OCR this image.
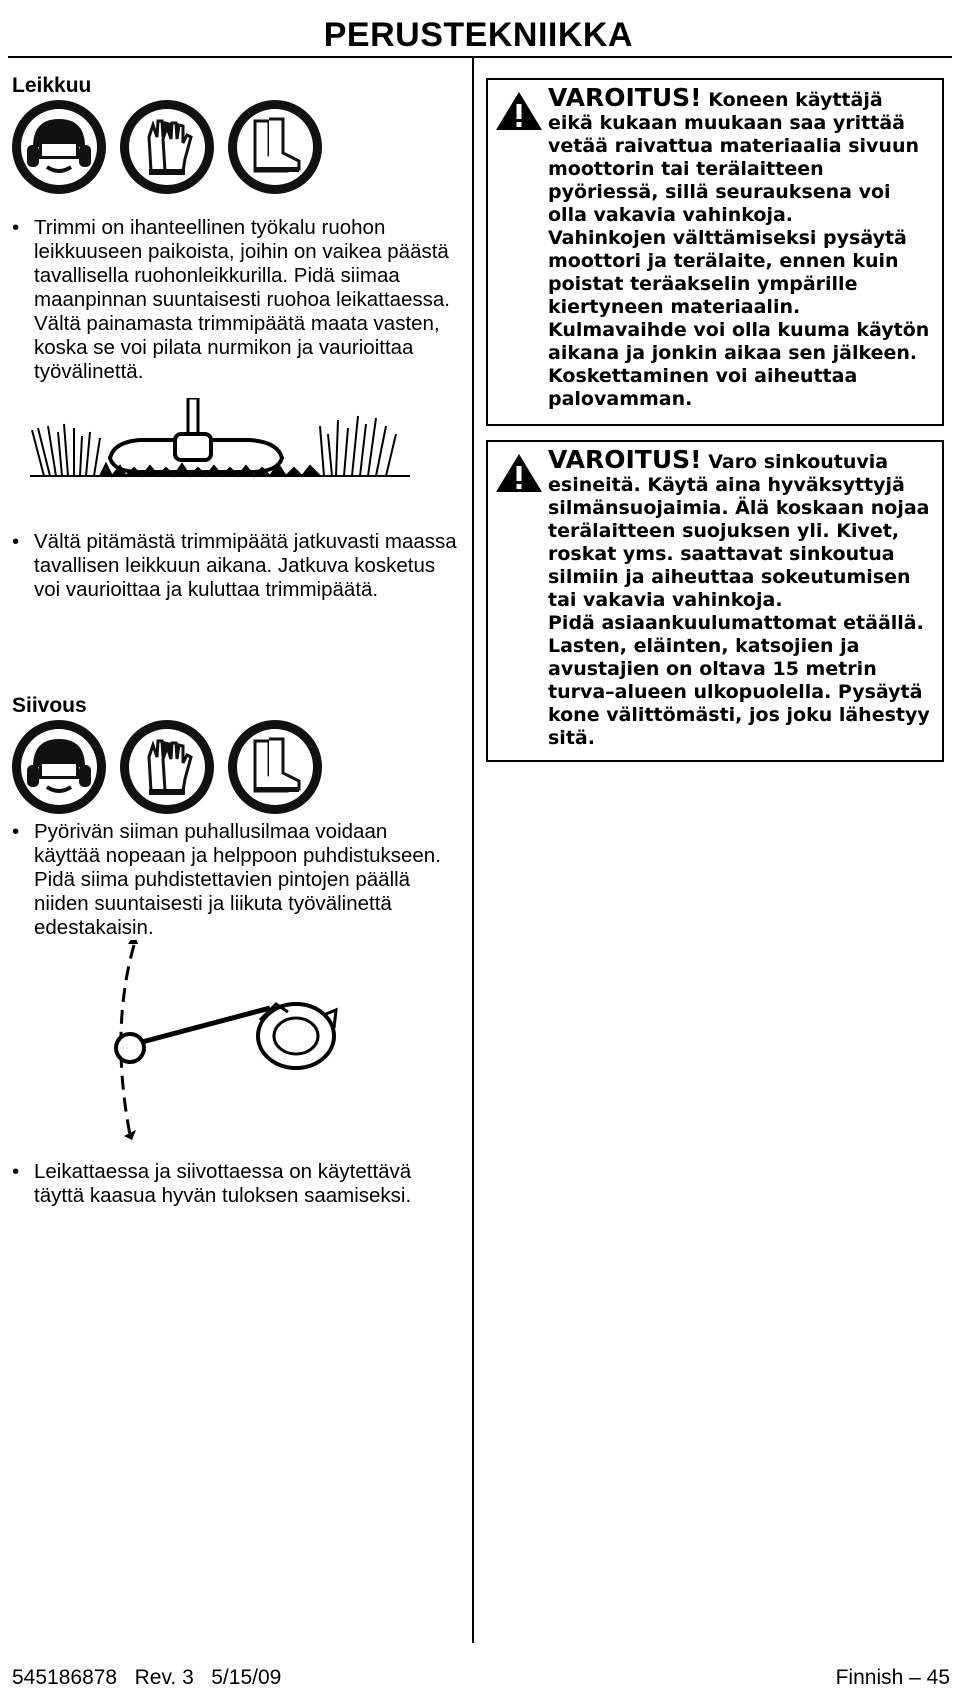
PERUSTEKNIIKKA
Leikkuu
• Trimmi on ihanteellinen työkalu ruohon leikkuuseen paikoista, joihin on vaikea päästä tavallisella ruohonleikkurilla. Pidä siimaa maanpinnan suuntaisesti ruohoa leikattaessa. Vältä painamasta trimmipäätä maata vasten, koska se voi pilata nurmikon ja vaurioittaa työvälinettä.
• Vältä pitämästä trimmipäätä jatkuvasti maassa tavallisen leikkuun aikana. Jatkuva kosketus voi vaurioittaa ja kuluttaa trimmipäätä.
Siivous
• Pyörivän siiman puhallusilmaa voidaan käyttää nopeaan ja helppoon puhdistukseen. Pidä siima puhdistettavien pintojen päällä niiden suuntaisesti ja liikuta työvälinettä edestakaisin.
• Leikattaessa ja siivottaessa on käytettävä täyttä kaasua hyvän tuloksen saamiseksi.

VAROITUS! Koneen käyttäjä eikä kukaan muukaan saa yrittää vetää raivattua materiaalia sivuun moottorin tai terälaitteen pyöriessä, sillä seurauksena voi olla vakavia vahinkoja.

Vahinkojen välttämiseksi pysäytä moottori ja terälaite, ennen kuin poistat teräakselin ympärille kiertyneen materiaalin. Kulmavaihde voi olla kuuma käytön aikana ja jonkin aikaa sen jälkeen. Koskettaminen voi aiheuttaa palovamman.

VAROITUS! Varo sinkoutuvia esineitä. Käytä aina hyväksyttyjä silmänsuojaimia. Älä koskaan nojaa terälaitteen suojuksen yli. Kivet, roskat yms. saattavat sinkoutua silmiin ja aiheuttaa sokeutumisen tai vakavia vahinkoja.

Pidä asiaankuulumattomat etäällä. Lasten, eläinten, katsojien ja avustajien on oltava 15 metrin turva–alueen ulkopuolella. Pysäytä kone välittömästi, jos joku lähestyy sitä.

545186878   Rev. 3   5/15/09	Finnish – 45
